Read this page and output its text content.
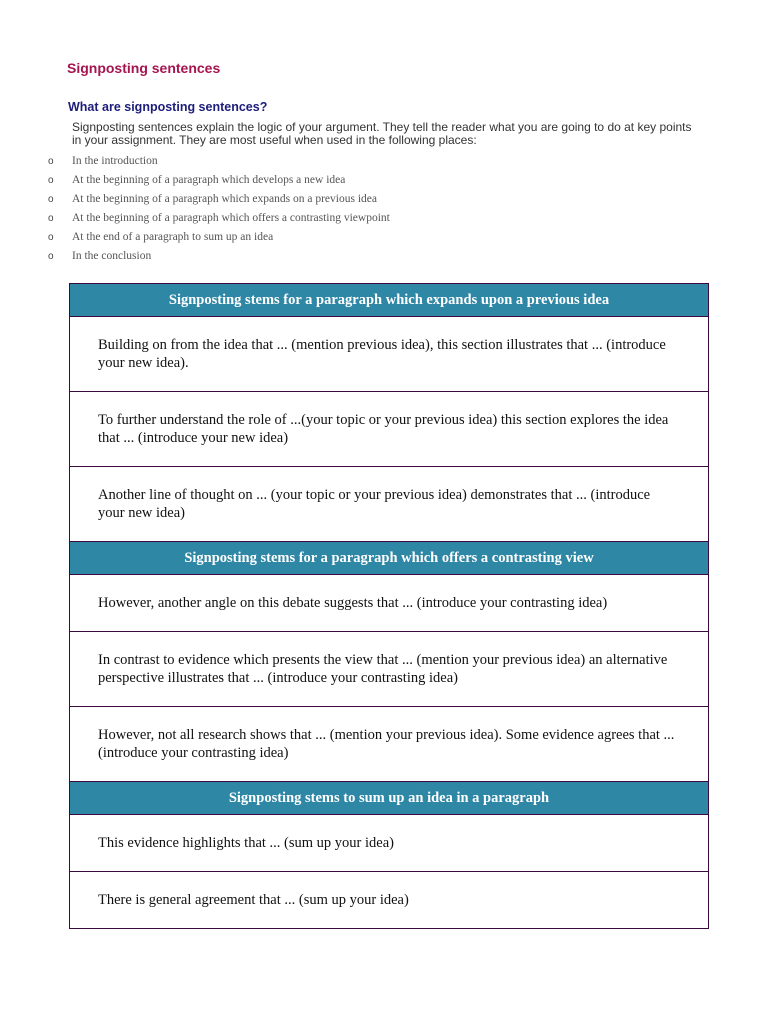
Signposting sentences
What are signposting sentences?

Signposting sentences explain the logic of your argument. They tell the reader what you are going to do at key points in your assignment. They are most useful when used in the following places:

o In the introduction
o At the beginning of a paragraph which develops a new idea
o At the beginning of a paragraph which expands on a previous idea
o At the beginning of a paragraph which offers a contrasting viewpoint
o At the end of a paragraph to sum up an idea
o In the conclusion
Signposting stems for a paragraph which expands upon a previous idea
Building on from the idea that ... (mention previous idea), this section illustrates that ... (introduce your new idea).
To further understand the role of ...(your topic or your previous idea) this section explores the idea that ... (introduce your new idea)
Another line of thought on ... (your topic or your previous idea) demonstrates that ... (introduce your new idea)
Signposting stems for a paragraph which offers a contrasting view
However, another angle on this debate suggests that ... (introduce your contrasting idea)
In contrast to evidence which presents the view that ... (mention your previous idea) an alternative perspective illustrates that ... (introduce your contrasting idea)
However, not all research shows that ... (mention your previous idea). Some evidence agrees that ... (introduce your contrasting idea)
Signposting stems to sum up an idea in a paragraph
This evidence highlights that ... (sum up your idea)
There is general agreement that ... (sum up your idea)
